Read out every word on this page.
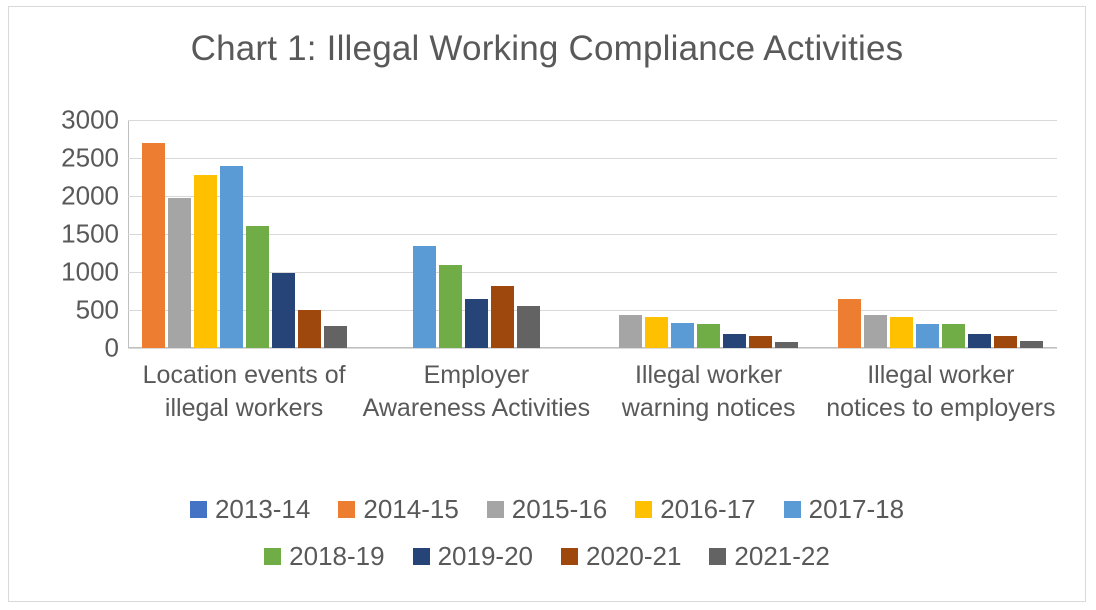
Chart 1: Illegal Working Compliance Activities
0
500
1000
1500
2000
2500
3000
Location events of illegal workers
Employer Awareness Activities
Illegal worker warning notices
Illegal worker notices to employers
2013-14 2014-15 2015-16 2016-17 2017-18
2018-19 2019-20 2020-21 2021-22
